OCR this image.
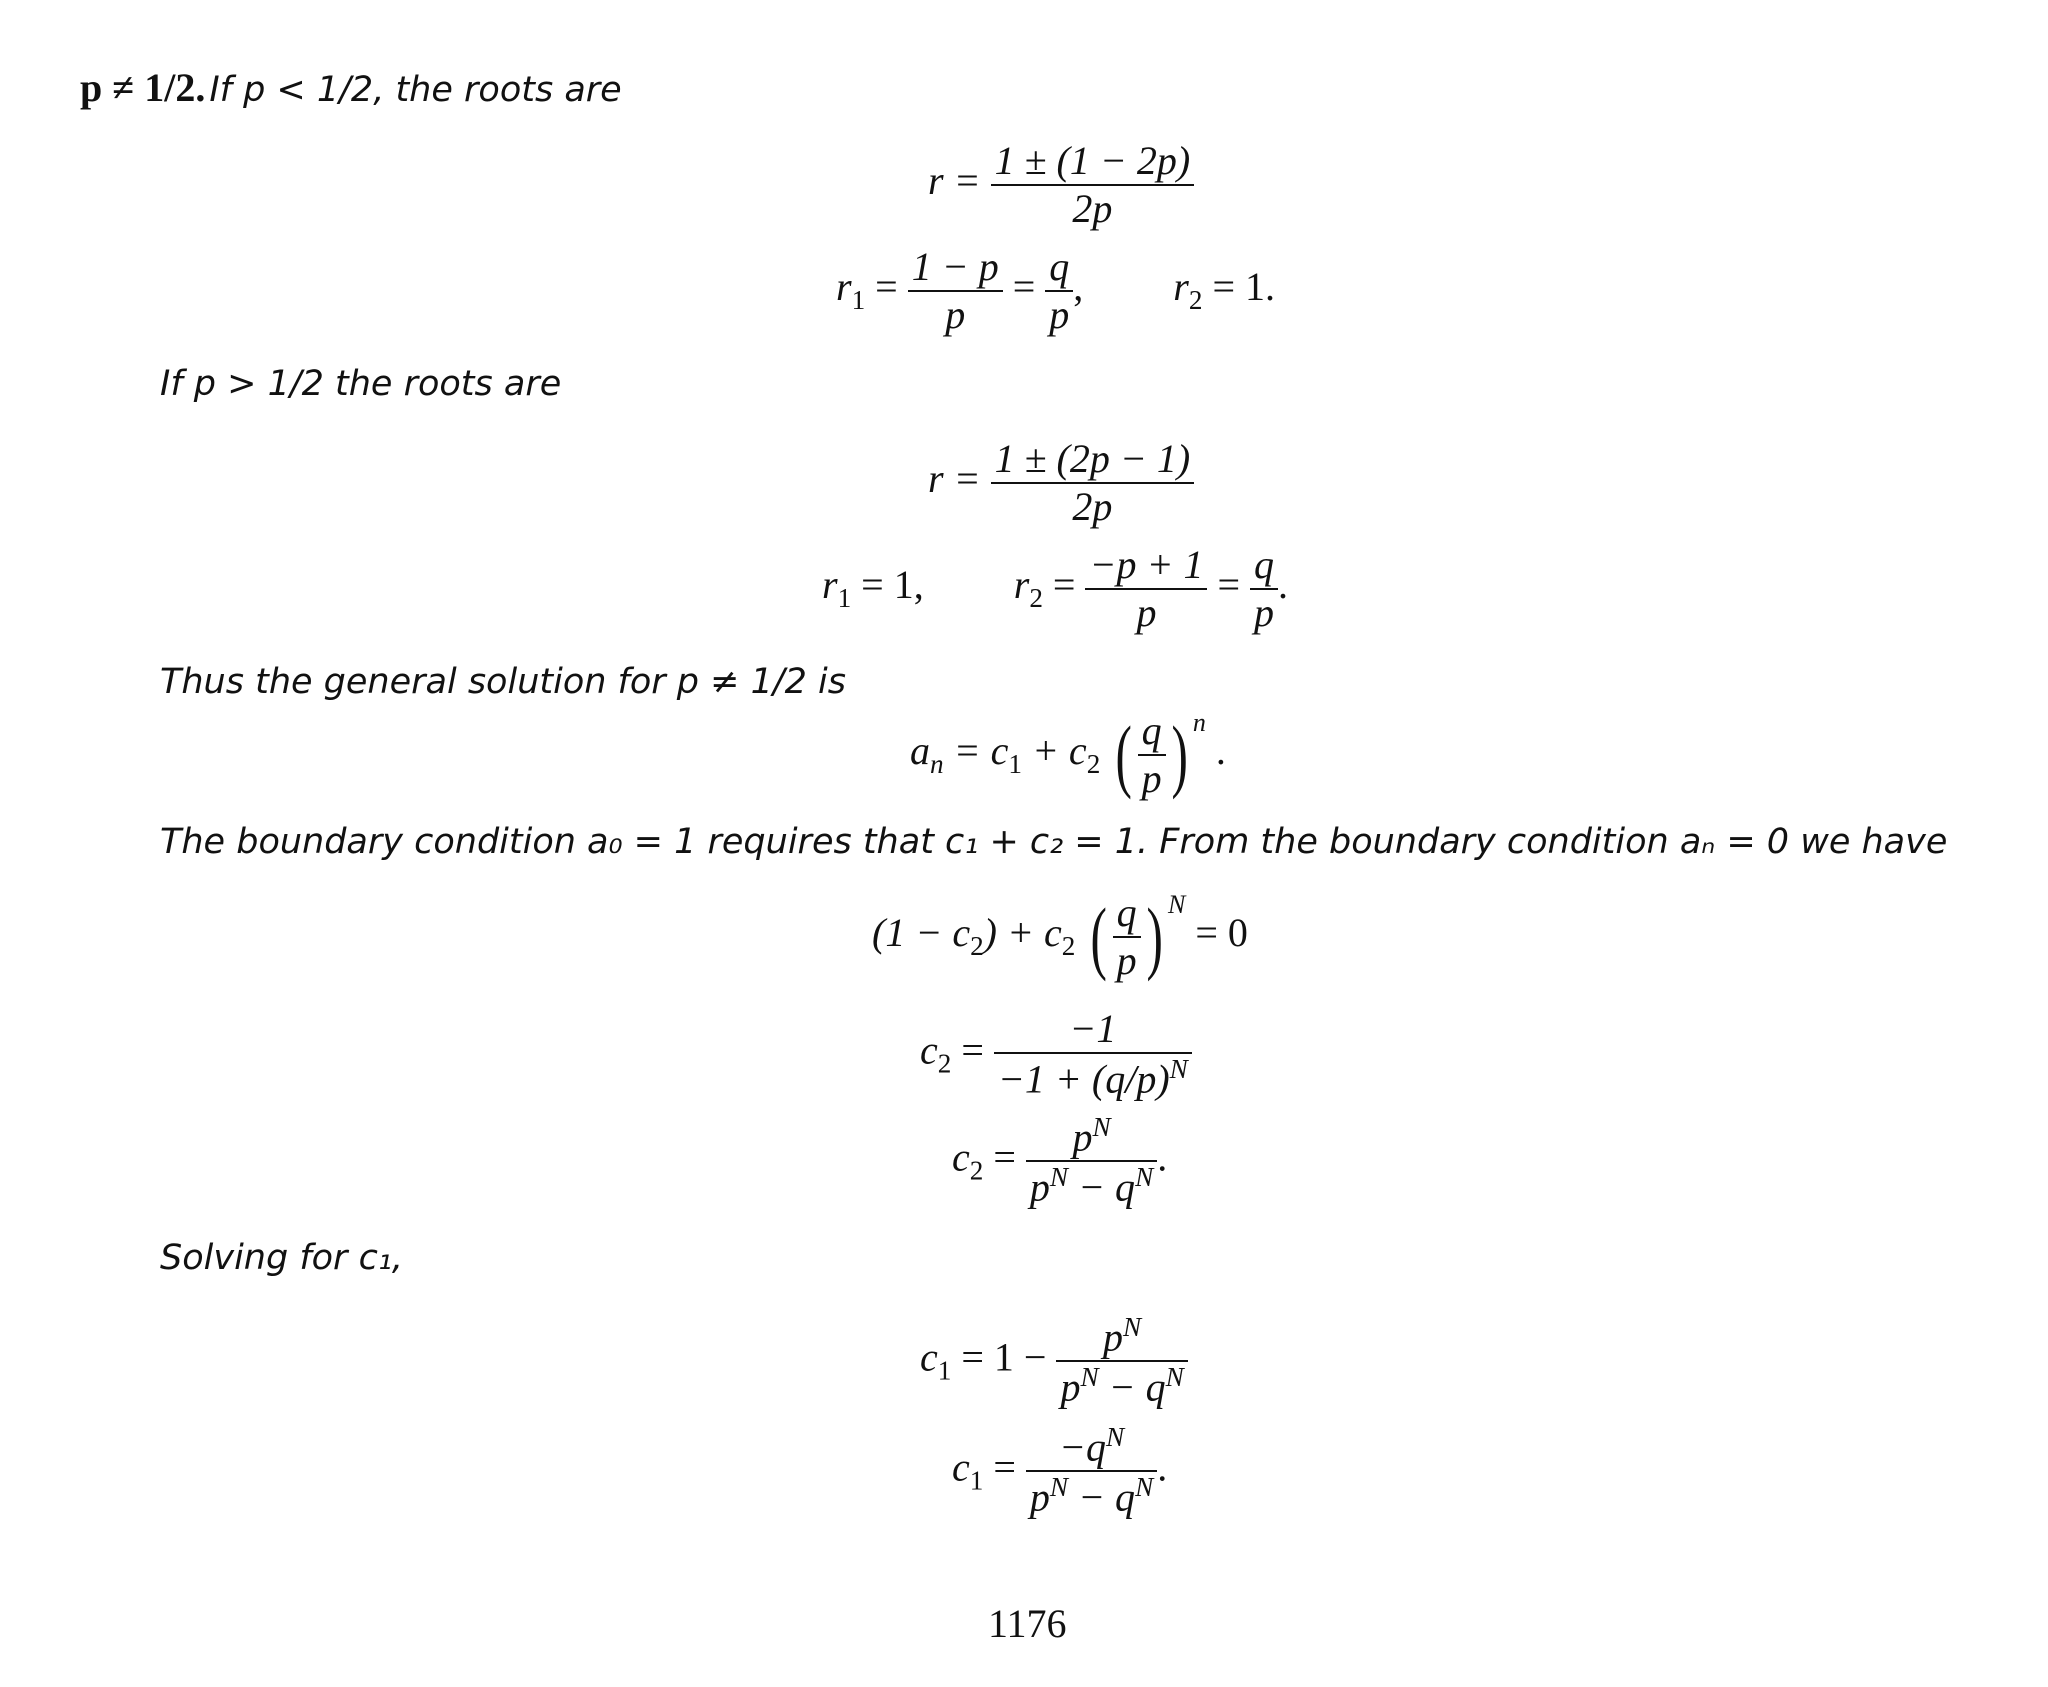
p ≠ 1/2. If p < 1/2, the roots are
$r = \frac{1 \pm (1 - 2p)}{2p}$
$r_1 = \frac{1 - p}{p} = \frac{q}{p}$ , $r_2 = 1$.
If p > 1/2 the roots are
$r = \frac{1 \pm (2p - 1)}{2p}$
$r_1 = 1$, $r_2 = \frac{-p + 1}{p} = \frac{q}{p}$ .
Thus the general solution for p ≠ 1/2 is
$a_n = c_1 + c_2$ ( $\frac{q}{p}$ ) $^n$ .
The boundary condition a₀ = 1 requires that c₁ + c₂ = 1. From the boundary condition aₙ = 0 we have
$(1 - c_2) + c_2$ ( $\frac{q}{p}$ ) $^N$ = 0
$c_2 = \frac{-1}{-1 + (q/p)^N}$
$c_2 = \frac{p^N}{p^N - q^N}$ .
Solving for c₁,
$c_1 = 1 - \frac{p^N}{p^N - q^N}$
$c_1 = \frac{-q^N}{p^N - q^N}$ .
1176
